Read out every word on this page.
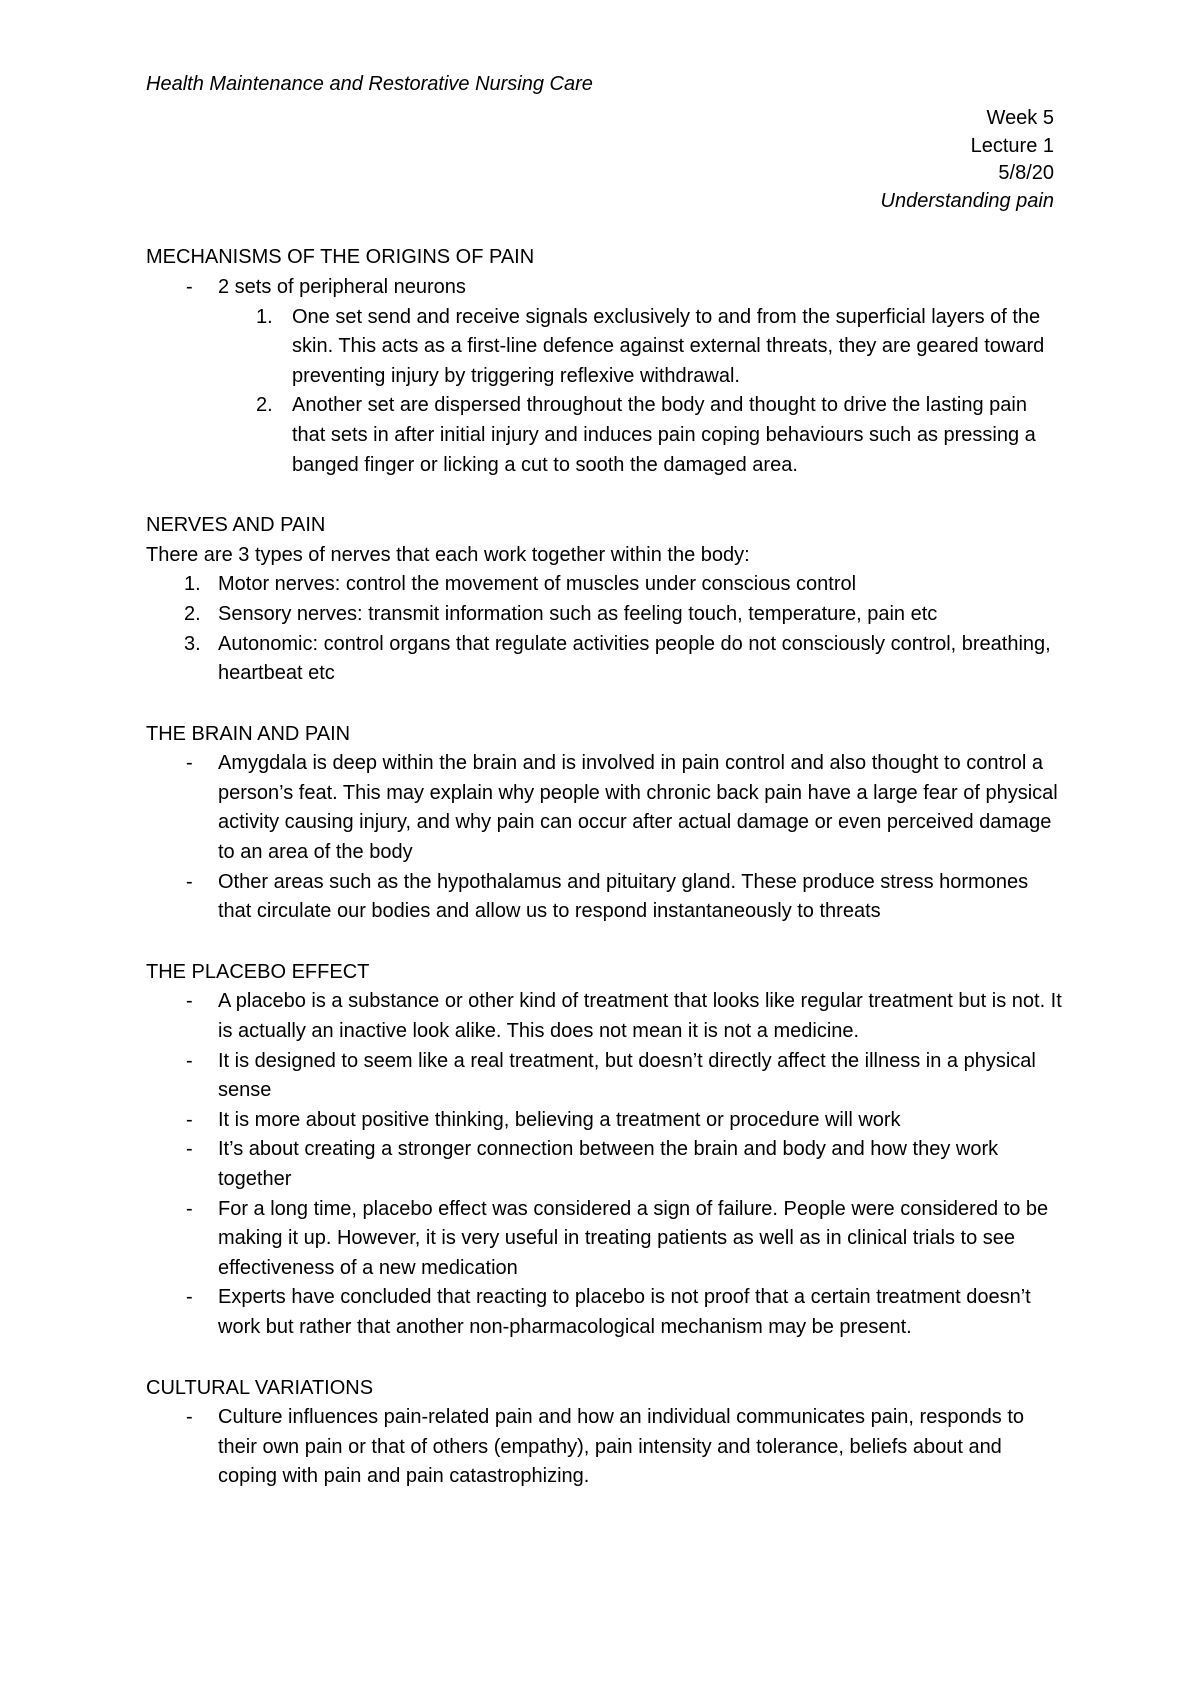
Health Maintenance and Restorative Nursing Care
Week 5
Lecture 1
5/8/20
Understanding pain
MECHANISMS OF THE ORIGINS OF PAIN
- 2 sets of peripheral neurons
1. One set send and receive signals exclusively to and from the superficial layers of the skin. This acts as a first-line defence against external threats, they are geared toward preventing injury by triggering reflexive withdrawal.
2. Another set are dispersed throughout the body and thought to drive the lasting pain that sets in after initial injury and induces pain coping behaviours such as pressing a banged finger or licking a cut to sooth the damaged area.
NERVES AND PAIN

There are 3 types of nerves that each work together within the body:

1. Motor nerves: control the movement of muscles under conscious control
2. Sensory nerves: transmit information such as feeling touch, temperature, pain etc
3. Autonomic: control organs that regulate activities people do not consciously control, breathing, heartbeat etc
THE BRAIN AND PAIN
- Amygdala is deep within the brain and is involved in pain control and also thought to control a person’s feat. This may explain why people with chronic back pain have a large fear of physical activity causing injury, and why pain can occur after actual damage or even perceived damage to an area of the body
- Other areas such as the hypothalamus and pituitary gland. These produce stress hormones that circulate our bodies and allow us to respond instantaneously to threats
THE PLACEBO EFFECT
- A placebo is a substance or other kind of treatment that looks like regular treatment but is not. It is actually an inactive look alike. This does not mean it is not a medicine.
- It is designed to seem like a real treatment, but doesn’t directly affect the illness in a physical sense
- It is more about positive thinking, believing a treatment or procedure will work
- It’s about creating a stronger connection between the brain and body and how they work together
- For a long time, placebo effect was considered a sign of failure. People were considered to be making it up. However, it is very useful in treating patients as well as in clinical trials to see effectiveness of a new medication
- Experts have concluded that reacting to placebo is not proof that a certain treatment doesn’t work but rather that another non-pharmacological mechanism may be present.
CULTURAL VARIATIONS
- Culture influences pain-related pain and how an individual communicates pain, responds to their own pain or that of others (empathy), pain intensity and tolerance, beliefs about and coping with pain and pain catastrophizing.
